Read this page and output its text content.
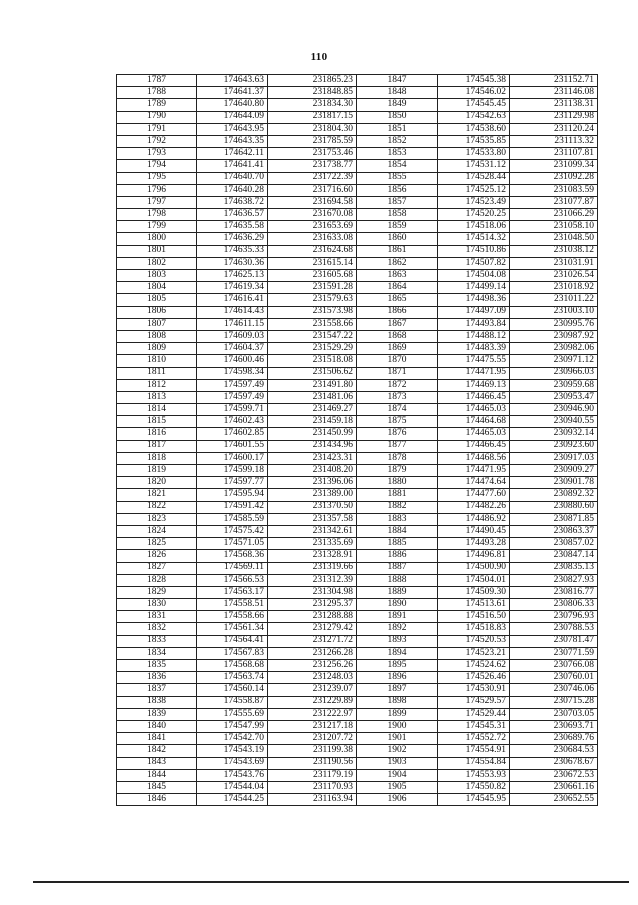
110
1787	174643.63	231865.23	1847	174545.38	231152.71
1788	174641.37	231848.85	1848	174546.02	231146.08
1789	174640.80	231834.30	1849	174545.45	231138.31
1790	174644.09	231817.15	1850	174542.63	231129.98
1791	174643.95	231804.30	1851	174538.60	231120.24
1792	174643.35	231785.59	1852	174535.85	231113.32
1793	174642.11	231753.46	1853	174533.80	231107.81
1794	174641.41	231738.77	1854	174531.12	231099.34
1795	174640.70	231722.39	1855	174528.44	231092.28
1796	174640.28	231716.60	1856	174525.12	231083.59
1797	174638.72	231694.58	1857	174523.49	231077.87
1798	174636.57	231670.08	1858	174520.25	231066.29
1799	174635.58	231653.69	1859	174518.06	231058.10
1800	174636.29	231633.08	1860	174514.32	231048.50
1801	174635.33	231624.68	1861	174510.86	231038.12
1802	174630.36	231615.14	1862	174507.82	231031.91
1803	174625.13	231605.68	1863	174504.08	231026.54
1804	174619.34	231591.28	1864	174499.14	231018.92
1805	174616.41	231579.63	1865	174498.36	231011.22
1806	174614.43	231573.98	1866	174497.09	231003.10
1807	174611.15	231558.66	1867	174493.84	230995.76
1808	174609.03	231547.22	1868	174488.12	230987.92
1809	174604.37	231529.29	1869	174483.39	230982.06
1810	174600.46	231518.08	1870	174475.55	230971.12
1811	174598.34	231506.62	1871	174471.95	230966.03
1812	174597.49	231491.80	1872	174469.13	230959.68
1813	174597.49	231481.06	1873	174466.45	230953.47
1814	174599.71	231469.27	1874	174465.03	230946.90
1815	174602.43	231459.18	1875	174464.68	230940.55
1816	174602.85	231450.99	1876	174465.03	230932.14
1817	174601.55	231434.96	1877	174466.45	230923.60
1818	174600.17	231423.31	1878	174468.56	230917.03
1819	174599.18	231408.20	1879	174471.95	230909.27
1820	174597.77	231396.06	1880	174474.64	230901.78
1821	174595.94	231389.00	1881	174477.60	230892.32
1822	174591.42	231370.50	1882	174482.26	230880.60
1823	174585.59	231357.58	1883	174486.92	230871.85
1824	174575.42	231342.61	1884	174490.45	230863.37
1825	174571.05	231335.69	1885	174493.28	230857.02
1826	174568.36	231328.91	1886	174496.81	230847.14
1827	174569.11	231319.66	1887	174500.90	230835.13
1828	174566.53	231312.39	1888	174504.01	230827.93
1829	174563.17	231304.98	1889	174509.30	230816.77
1830	174558.51	231295.37	1890	174513.61	230806.33
1831	174558.66	231288.88	1891	174516.50	230796.93
1832	174561.34	231279.42	1892	174518.83	230788.53
1833	174564.41	231271.72	1893	174520.53	230781.47
1834	174567.83	231266.28	1894	174523.21	230771.59
1835	174568.68	231256.26	1895	174524.62	230766.08
1836	174563.74	231248.03	1896	174526.46	230760.01
1837	174560.14	231239.07	1897	174530.91	230746.06
1838	174558.87	231229.89	1898	174529.57	230715.28
1839	174555.69	231222.97	1899	174529.44	230703.05
1840	174547.99	231217.18	1900	174545.31	230693.71
1841	174542.70	231207.72	1901	174552.72	230689.76
1842	174543.19	231199.38	1902	174554.91	230684.53
1843	174543.69	231190.56	1903	174554.84	230678.67
1844	174543.76	231179.19	1904	174553.93	230672.53
1845	174544.04	231170.93	1905	174550.82	230661.16
1846	174544.25	231163.94	1906	174545.95	230652.55
